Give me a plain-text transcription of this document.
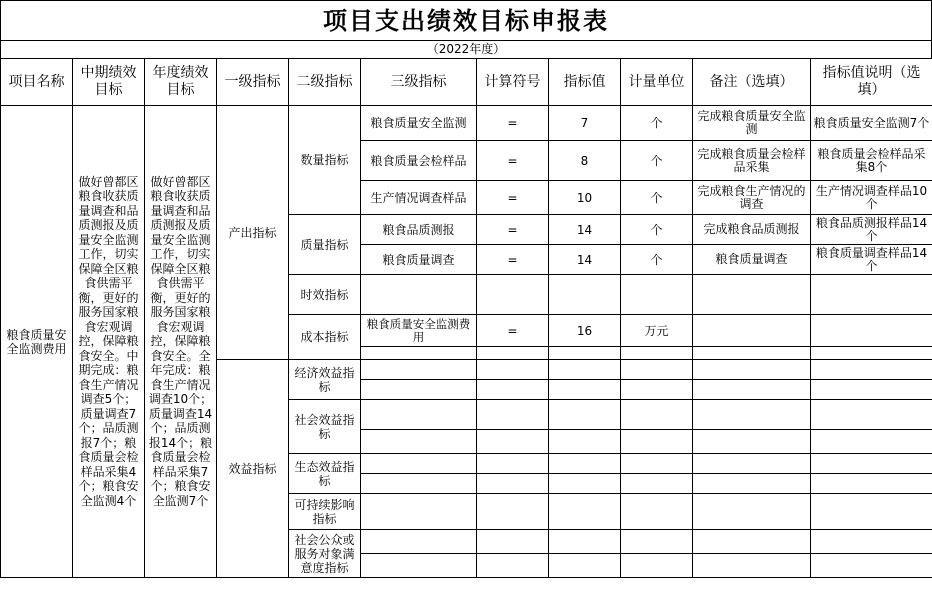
项目支出绩效目标申报表
（2022年度）
项目名称	中期绩效目标	年度绩效目标	一级指标	二级指标	三级指标	计算符号	指标值	计量单位	备注（选填）	指标值说明（选填）
粮食质量安全监测费用	做好曾都区粮食收获质量调查和品质测报及质量安全监测工作，切实保障全区粮食供需平衡，更好的服务国家粮食宏观调控，保障粮食安全。中期完成：粮食生产情况调查5个；质量调查7个；品质测报7个；粮食质量会检样品采集4个；粮食安全监测4个	做好曾都区粮食收获质量调查和品质测报及质量安全监测工作，切实保障全区粮食供需平衡，更好的服务国家粮食宏观调控，保障粮食安全。全年完成：粮食生产情况调查10个；质量调查14个；品质测报14个；粮食质量会检样品采集7个；粮食安全监测7个	产出指标	数量指标	粮食质量安全监测	=	7	个	完成粮食质量安全监测	粮食质量安全监测7个
					粮食质量会检样品	=	8	个	完成粮食质量会检样品采集	粮食质量会检样品采集8个
					生产情况调查样品	=	10	个	完成粮食生产情况的调查	生产情况调查样品10个
				质量指标	粮食品质测报	=	14	个	完成粮食品质测报	粮食品质测报样品14个
					粮食质量调查	=	14	个	粮食质量调查	粮食质量调查样品14个
				时效指标						
				成本指标	粮食质量安全监测费用	=	16	万元		

			效益指标	经济效益指标						

				社会效益指标						

				生态效益指标						

				可持续影响指标						
				社会公众或服务对象满意度指标						
